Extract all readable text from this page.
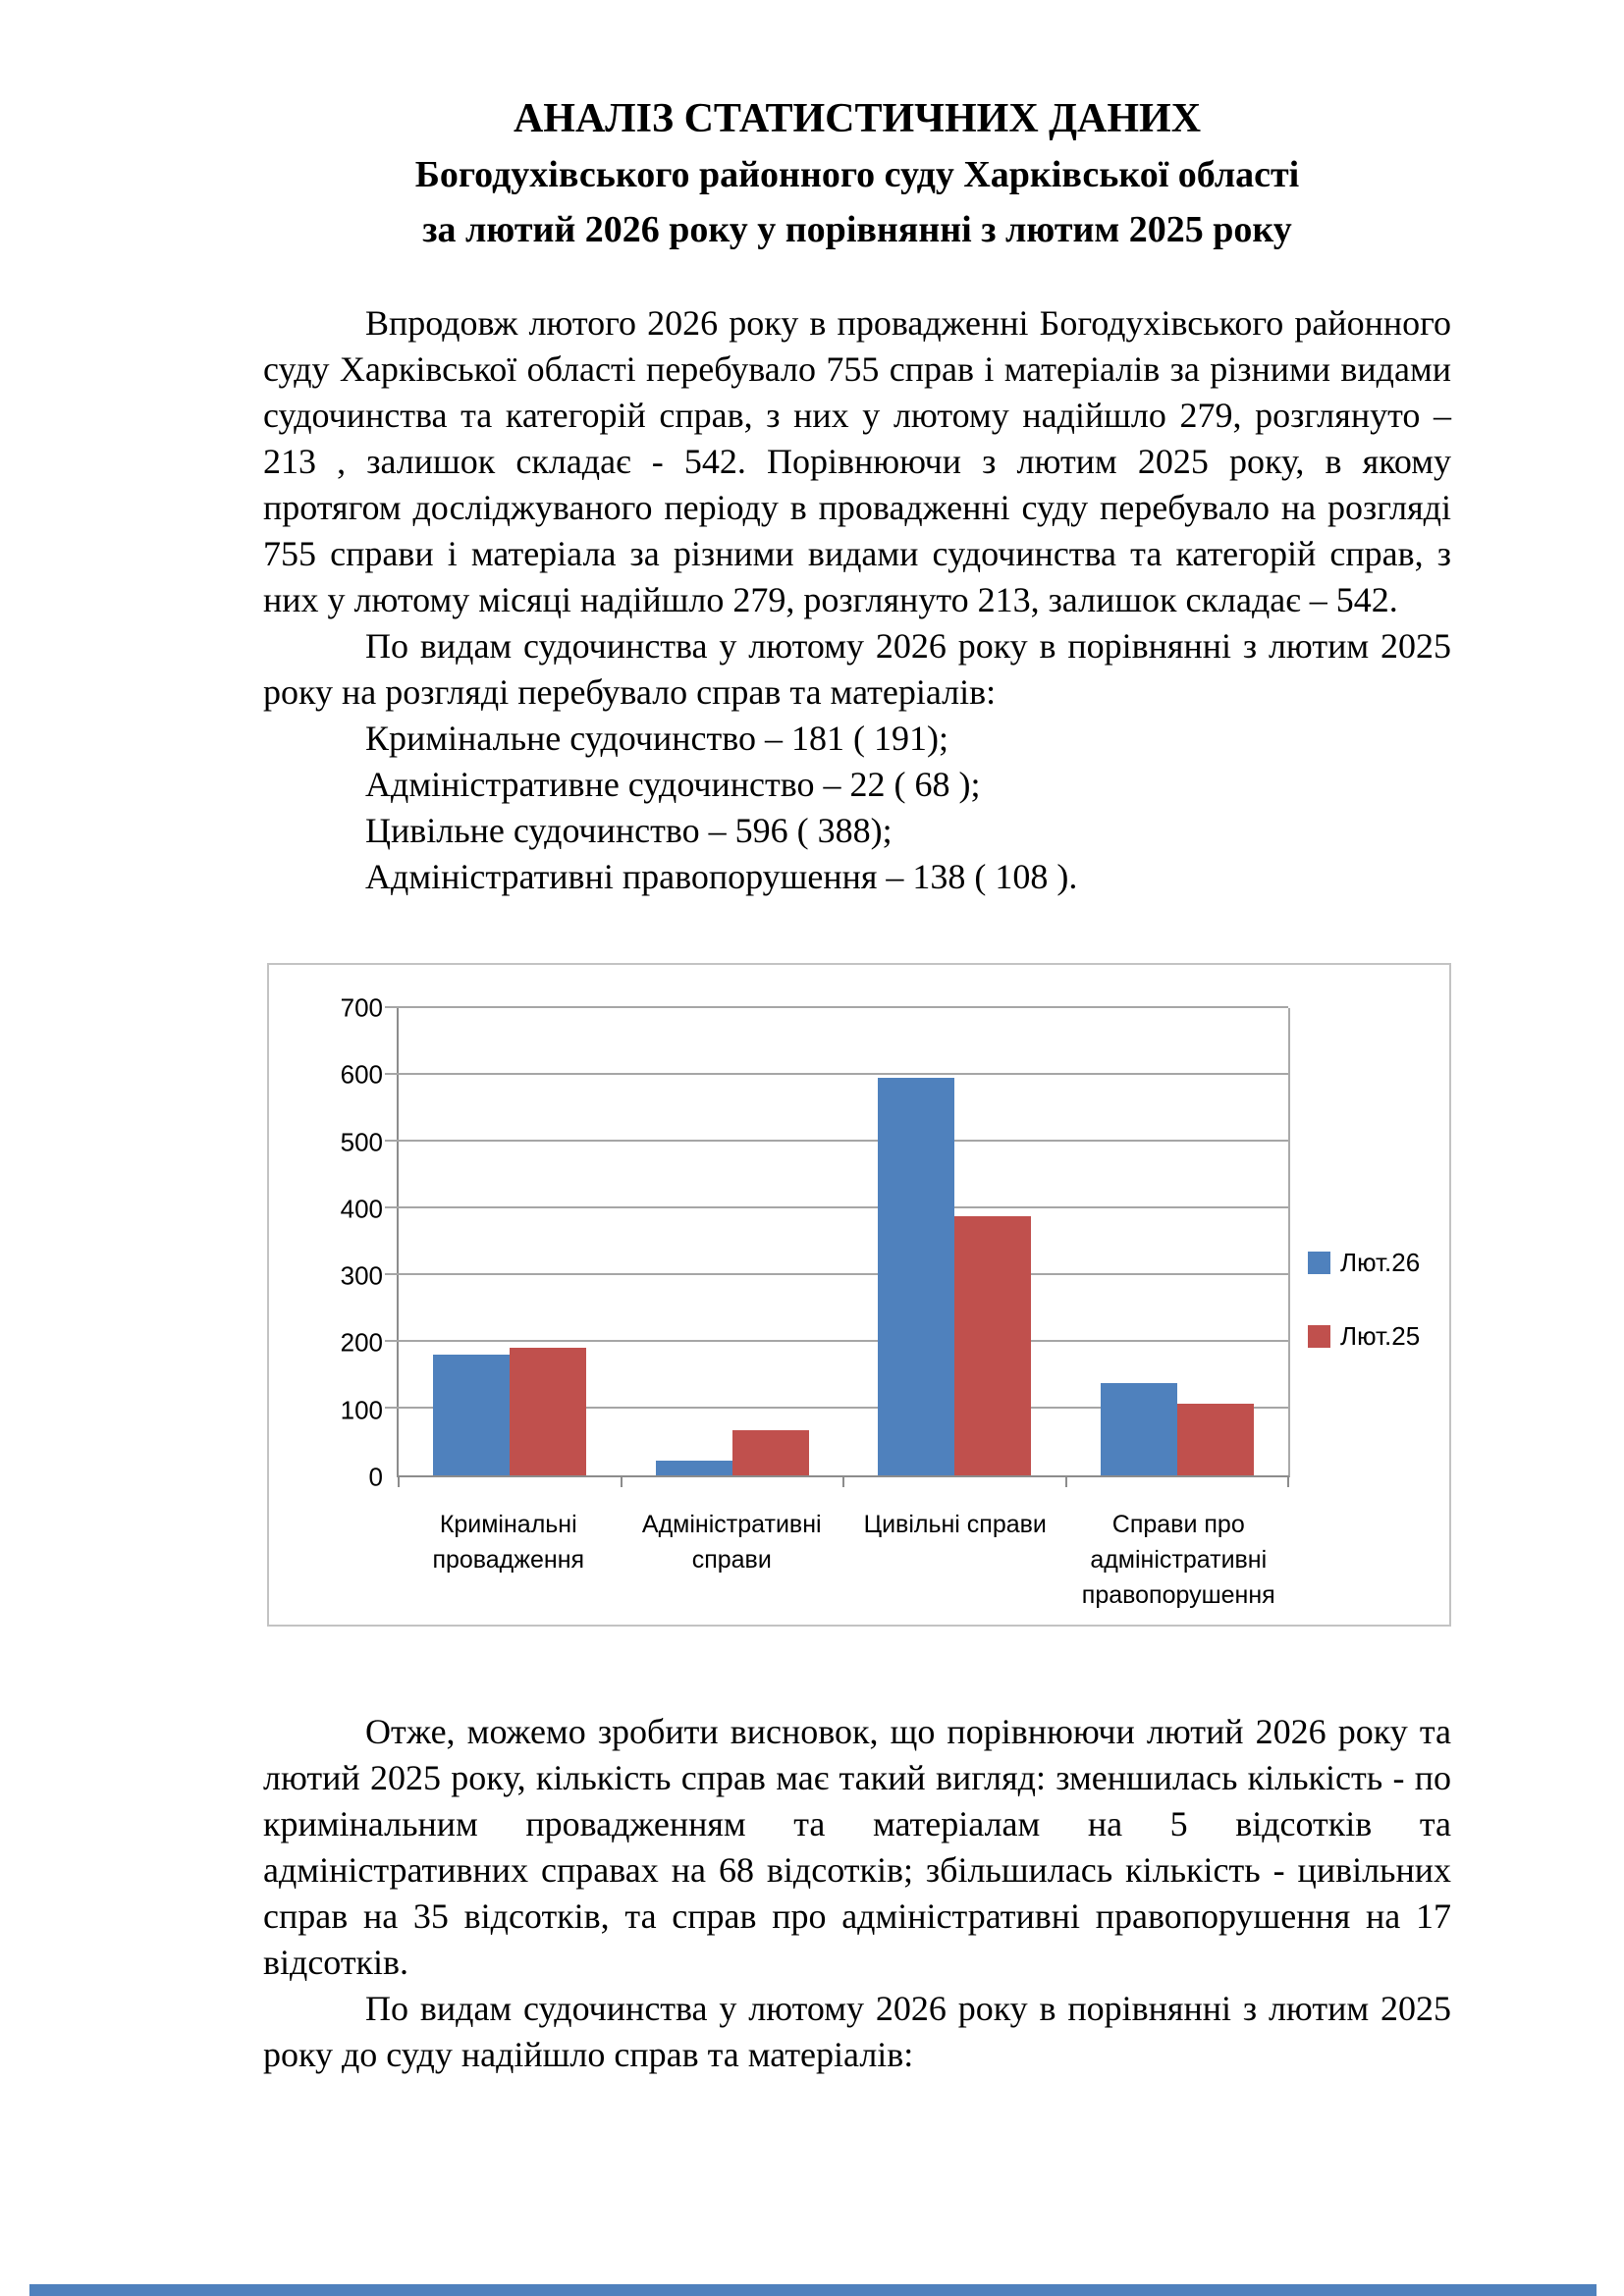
АНАЛІЗ СТАТИСТИЧНИХ ДАНИХ
Богодухівського районного суду Харківської області
за лютий 2026 року у порівнянні з лютим 2025 року

Впродовж лютого 2026 року в провадженні Богодухівського районного суду Харківської області перебувало 755 справ і матеріалів за різними видами судочинства та категорій справ, з них у лютому надійшло 279, розглянуто – 213 , залишок складає - 542. Порівнюючи з лютим 2025 року, в якому протягом досліджуваного періоду в провадженні суду перебувало на розгляді 755 справи і матеріала за різними видами судочинства та категорій справ, з них у лютому місяці надійшло 279, розглянуто 213, залишок складає – 542.

По видам судочинства у лютому 2026 року в порівнянні з лютим 2025 року на розгляді перебувало справ та матеріалів:

Кримінальне судочинство – 181 ( 191);
Адміністративне судочинство – 22 ( 68 );
Цивільне судочинство – 596 ( 388);
Адміністративні правопорушення – 138 ( 108 ).
Кримінальні провадження
Адміністративні справи
Цивільні справи	Справи про адміністративні правопорушення
Лют.26
Лют.25
0
100
200
300
400
500
600
700

Отже, можемо зробити висновок, що порівнюючи лютий 2026 року та лютий 2025 року, кількість справ має такий вигляд: зменшилась кількість - по кримінальним провадженням та матеріалам на 5 відсотків та адміністративних справах на 68 відсотків; збільшилась кількість - цивільних справ на 35 відсотків, та справ про адміністративні правопорушення на 17 відсотків.

По видам судочинства у лютому 2026 року в порівнянні з лютим 2025 року до суду надійшло справ та матеріалів:
